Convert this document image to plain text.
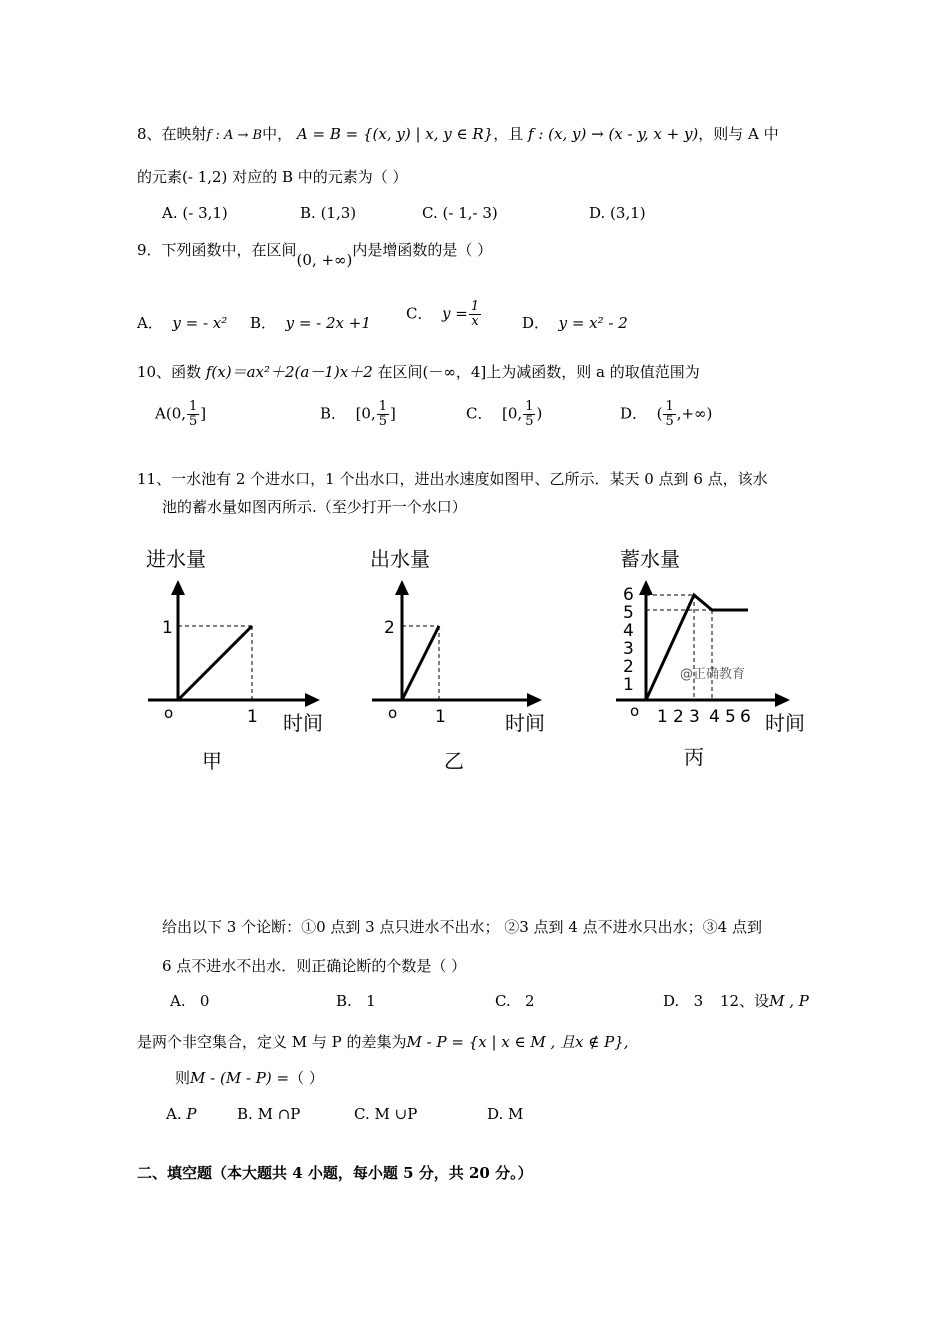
8、在映射f : A → B中， A = B = {(x, y) | x, y ∈ R}，且 f : (x, y) → (x - y, x + y)，则与 A 中
的元素(- 1,2) 对应的 B 中的元素为（ ）
A. (- 3,1)	B. (1,3)	C. (- 1,- 3)	D. (3,1)
9．下列函数中，在区间(0, +∞)内是增函数的是（ ）
A． y = - x² B． y = - 2x +1
C． $y = \frac{1}{x}$	D． y = x² - 2
10、函数 f(x)＝ax²＋2(a－1)x＋2 在区间(－∞，4]上为减函数，则 a 的取值范围为
A(0, $\frac{1}{5}$ ]	B． [0, $\frac{1}{5}$ ]	C． [0, $\frac{1}{5}$ )	D． ( $\frac{1}{5}$ ,+∞)
11、一水池有 2 个进水口，1 个出水口，进出水速度如图甲、乙所示．某天 0 点到 6 点，该水
池的蓄水量如图丙所示.（至少打开一个水口）
进水量
1
1
o	时间
甲
出水量
2
1
o	时间
乙
蓄水量
6
5
4
3
2
1
o 1 2 3 4 5 6
@正确教育
时间
丙
给出以下 3 个论断：①0 点到 3 点只进水不出水； ②3 点到 4 点不进水只出水；③4 点到
6 点不进水不出水．则正确论断的个数是（ ）
A. 0	B. 1	C. 2	D. 3 12、设M , P
是两个非空集合，定义 M 与 P 的差集为M - P = {x | x ∈ M , 且x ∉ P},
则M - (M - P) =（ ）
A. P	B. M ∩P	C. M ∪P	D. M
二、填空题（本大题共 4 小题，每小题 5 分，共 20 分。）
